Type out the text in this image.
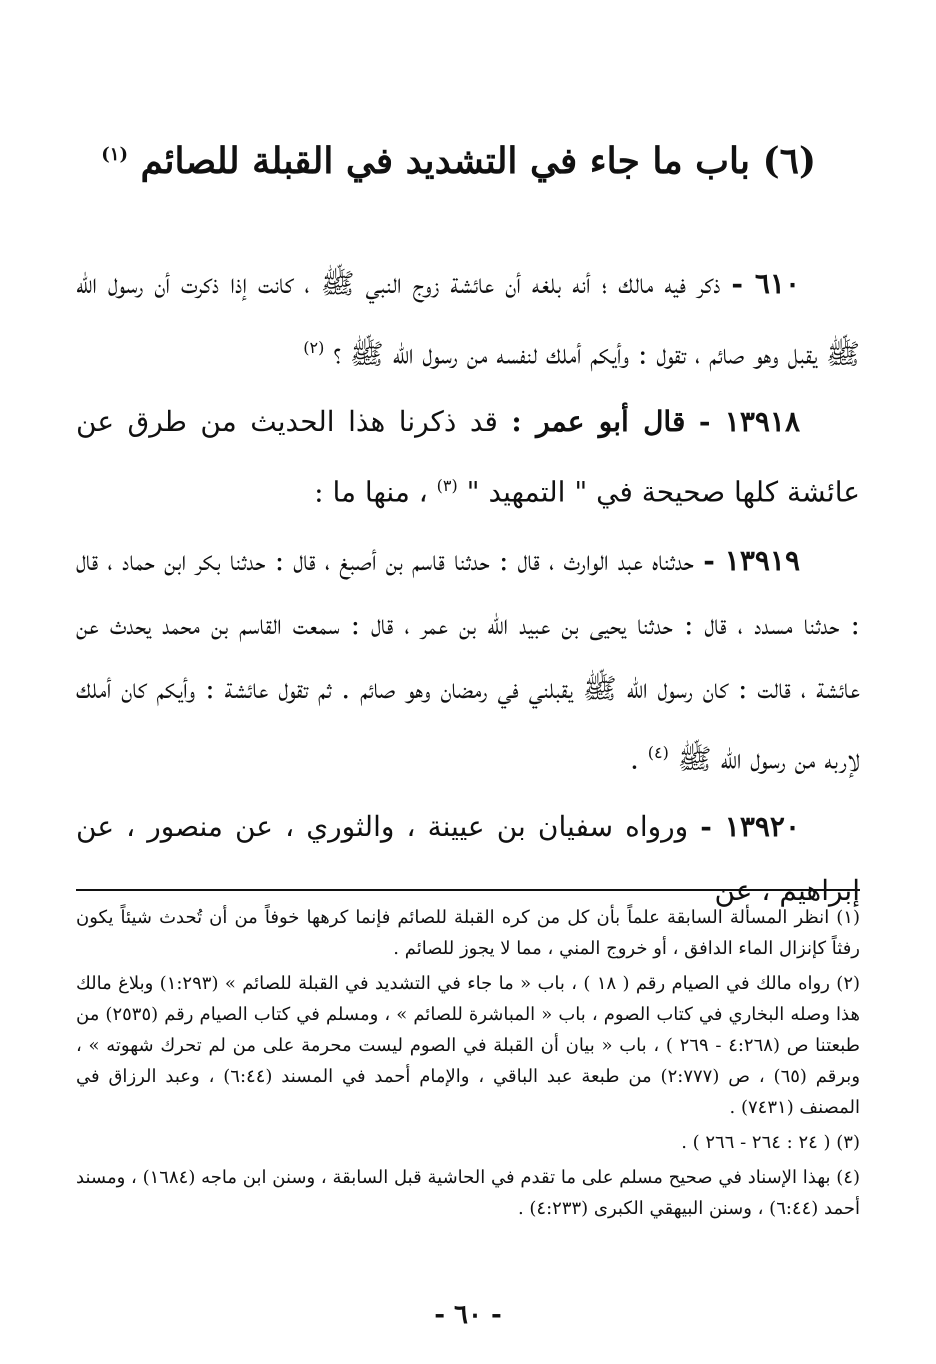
(٦) باب ما جاء في التشديد في القبلة للصائم $^{(١)}$

٦١٠ - ذكر فيه مالك ؛ أنه بلغه أن عائشة زوج النبي ﷺ ، كانت إذا ذكرت أن رسول الله ﷺ يقبل وهو صائم ، تقول : وأيكم أملك لنفسه من رسول الله ﷺ ؟ $^{(٢)}$

١٣٩١٨ - قال أبو عمر : قد ذكرنا هذا الحديث من طرق عن عائشة كلها صحيحة في " التمهيد " $^{(٣)}$ ، منها ما :

١٣٩١٩ - حدثناه عبد الوارث ، قال : حدثنا قاسم بن أصبغ ، قال : حدثنا بكر ابن حماد ، قال : حدثنا مسدد ، قال : حدثنا يحيى بن عبيد الله بن عمر ، قال : سمعت القاسم بن محمد يحدث عن عائشة ، قالت : كان رسول الله ﷺ يقبلني في رمضان وهو صائم . ثم تقول عائشة : وأيكم كان أملك لإربه من رسول الله ﷺ $^{(٤)}$ .

١٣٩٢٠ - ورواه سفيان بن عيينة ، والثوري ، عن منصور ، عن إبراهيم ، عن

(١) انظر المسألة السابقة علماً بأن كل من كره القبلة للصائم فإنما كرهها خوفاً من أن تُحدث شيئاً يكون رفثاً كإنزال الماء الدافق ، أو خروج المني ، مما لا يجوز للصائم .

(٢) رواه مالك في الصيام رقم ( ١٨ ) ، باب « ما جاء في التشديد في القبلة للصائم » (١:٢٩٣) وبلاغ مالك هذا وصله البخاري في كتاب الصوم ، باب « المباشرة للصائم » ، ومسلم في كتاب الصيام رقم (٢٥٣٥) من طبعتنا ص (٤:٢٦٨ - ٢٦٩ ) ، باب « بيان أن القبلة في الصوم ليست محرمة على من لم تحرك شهوته » ، وبرقم (٦٥) ، ص (٢:٧٧٧) من طبعة عبد الباقي ، والإمام أحمد في المسند (٦:٤٤) ، وعبد الرزاق في المصنف (٧٤٣١) .

(٣) ( ٢٤ : ٢٦٤ - ٢٦٦ ) .

(٤) بهذا الإسناد في صحيح مسلم على ما تقدم في الحاشية قبل السابقة ، وسنن ابن ماجه (١٦٨٤) ، ومسند أحمد (٦:٤٤) ، وسنن البيهقي الكبرى (٤:٢٣٣) .

- ٦٠ -
